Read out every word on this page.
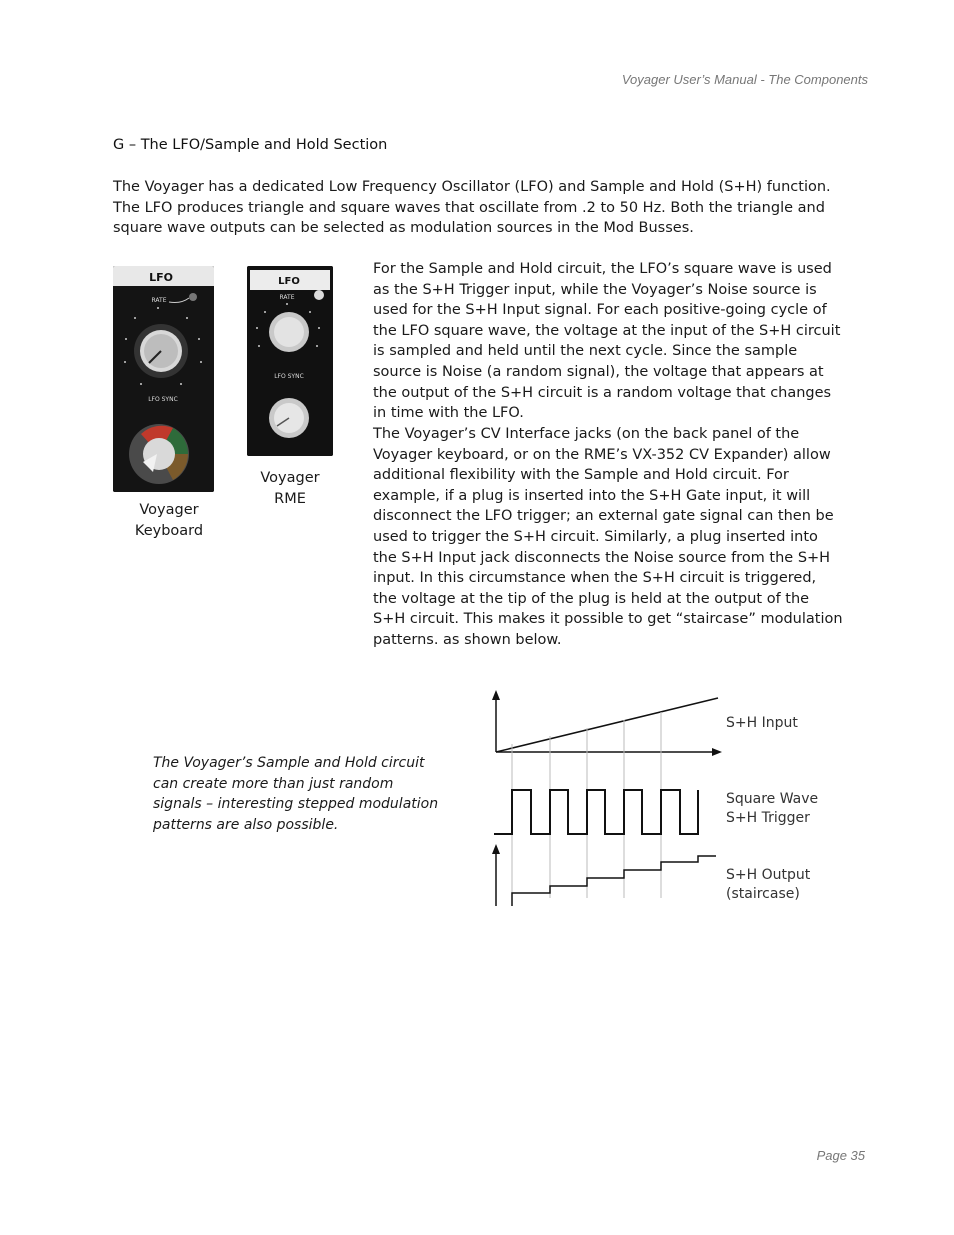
Voyager User’s Manual - The Components
G – The LFO/Sample and Hold Section

The Voyager has a dedicated Low Frequency Oscillator (LFO) and Sample and Hold (S+H) function. The LFO produces triangle and square waves that oscillate from .2 to 50 Hz. Both the triangle and square wave outputs can be selected as modulation sources in the Mod Busses.

LFO
RATE
LFO SYNC
Voyager
Keyboard
LFO
RATE
LFO SYNC
Voyager
RME

For the Sample and Hold circuit, the LFO’s square wave is used as the S+H Trigger input, while the Voyager’s Noise source is used for the S+H Input signal. For each positive-going cycle of the LFO square wave, the voltage at the input of the S+H circuit is sampled and held until the next cycle. Since the sample source is Noise (a random signal), the voltage that appears at the output of the S+H circuit is a random voltage that changes in time with the LFO.

The Voyager’s CV Interface jacks (on the back panel of the Voyager keyboard, or on the RME’s VX-352 CV Expander) allow additional flexibility with the Sample and Hold circuit. For example, if a plug is inserted into the S+H Gate input, it will disconnect the LFO trigger; an external gate signal can then be used to trigger the S+H circuit. Similarly, a plug inserted into the S+H Input jack disconnects the Noise source from the S+H input. In this circumstance when the S+H circuit is triggered, the voltage at the tip of the plug is held at the output of the S+H circuit. This makes it possible to get “staircase” modulation patterns. as shown below.

The Voyager’s Sample and Hold circuit can create more than just random signals – interesting stepped modulation patterns are also possible.
S+H Input
Square Wave
S+H Trigger
S+H Output
(staircase)
Page 35
